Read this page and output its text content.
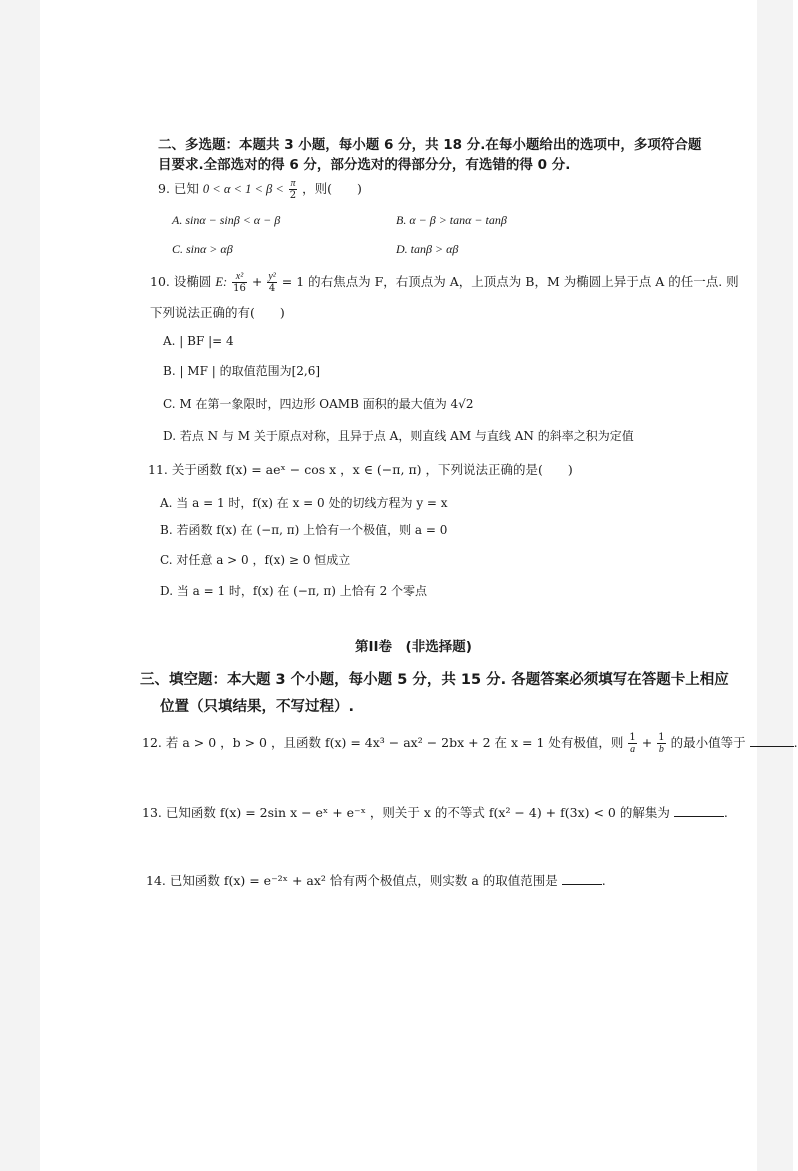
二、多选题：本题共 3 小题，每小题 6 分，共 18 分.在每小题给出的选项中，多项符合题
目要求.全部选对的得 6 分，部分选对的得部分分，有选错的得 0 分.
9. 已知 $0 < \alpha < 1 < \beta < \frac{\pi}{2}$ ，则(　　)
A. sinα − sinβ < α − β	B. α − β > tanα − tanβ
C. sinα > αβ	D. tanβ > αβ
10. 设椭圆 E: $\frac{\text{x²}}{16} + \frac{\text{y²}}{4} = 1$ 的右焦点为 F，右顶点为 A，上顶点为 B，M 为椭圆上异于点 A 的任一点. 则
下列说法正确的有(　　)
A. | BF |= 4
B. | MF | 的取值范围为[2,6]
C. M 在第一象限时，四边形 OAMB 面积的最大值为 4√2
D. 若点 N 与 M 关于原点对称，且异于点 A，则直线 AM 与直线 AN 的斜率之积为定值
11. 关于函数 f(x) = aeˣ − cos x ，x ∈ (−π, π) ，下列说法正确的是(　　)
A. 当 a = 1 时，f(x) 在 x = 0 处的切线方程为 y = x
B. 若函数 f(x) 在 (−π, π) 上恰有一个极值，则 a = 0
C. 对任意 a > 0 ，f(x) ≥ 0 恒成立
D. 当 a = 1 时，f(x) 在 (−π, π) 上恰有 2 个零点
第II卷　(非选择题)
三、填空题：本大题 3 个小题，每小题 5 分，共 15 分. 各题答案必须填写在答题卡上相应
位置（只填结果，不写过程）.
12. 若 a > 0 ，b > 0 ，且函数 f(x) = 4x³ − ax² − 2bx + 2 在 x = 1 处有极值，则 $\frac{1}{a} + \frac{1}{b}$ 的最小值等于	.
13. 已知函数 f(x) = 2sin x − eˣ + e⁻ˣ ，则关于 x 的不等式 f(x² − 4) + f(3x) < 0 的解集为	.
14. 已知函数 f(x) = e⁻²ˣ + ax² 恰有两个极值点，则实数 a 的取值范围是	.
